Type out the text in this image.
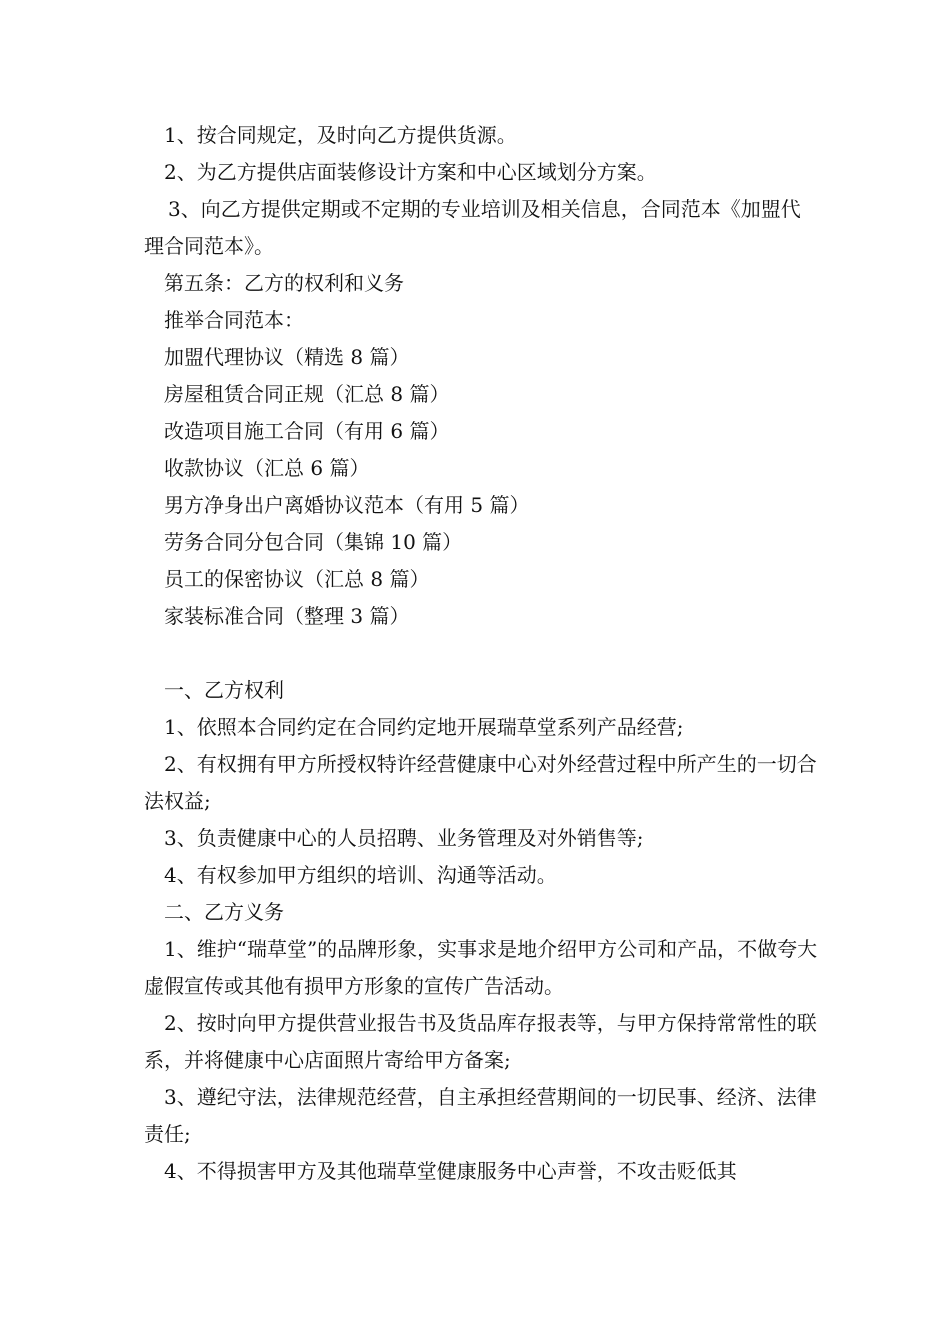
1、按合同规定，及时向乙方提供货源。

2、为乙方提供店面装修设计方案和中心区域划分方案。

3、向乙方提供定期或不定期的专业培训及相关信息，合同范本《加盟代理合同范本》。

第五条：乙方的权利和义务

推举合同范本：

加盟代理协议（精选 8 篇）

房屋租赁合同正规（汇总 8 篇）

改造项目施工合同（有用 6 篇）

收款协议（汇总 6 篇）

男方净身出户离婚协议范本（有用 5 篇）

劳务合同分包合同（集锦 10 篇）

员工的保密协议（汇总 8 篇）

家装标准合同（整理 3 篇）

一、乙方权利

1、依照本合同约定在合同约定地开展瑞草堂系列产品经营;

2、有权拥有甲方所授权特许经营健康中心对外经营过程中所产生的一切合法权益;

3、负责健康中心的人员招聘、业务管理及对外销售等;

4、有权参加甲方组织的培训、沟通等活动。

二、乙方义务

1、维护“瑞草堂”的品牌形象，实事求是地介绍甲方公司和产品，不做夸大虚假宣传或其他有损甲方形象的宣传广告活动。

2、按时向甲方提供营业报告书及货品库存报表等，与甲方保持常常性的联系，并将健康中心店面照片寄给甲方备案;

3、遵纪守法，法律规范经营，自主承担经营期间的一切民事、经济、法律责任;

4、不得损害甲方及其他瑞草堂健康服务中心声誉，不攻击贬低其
